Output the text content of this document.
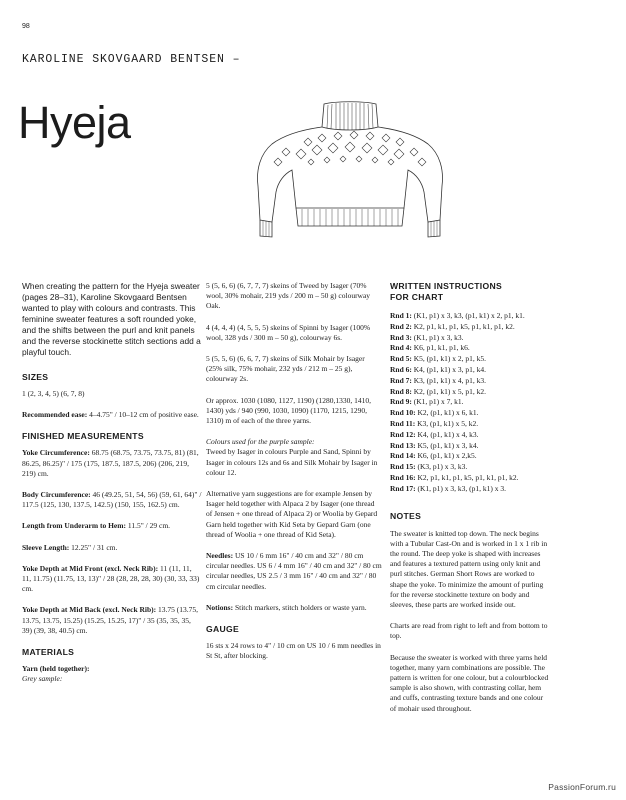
98
KAROLINE SKOVGAARD BENTSEN –
Hyeja

When creating the pattern for the Hyeja sweater (pages 28–31), Karoline Skovgaard Bentsen wanted to play with colours and contrasts. This feminine sweater features a soft rounded yoke, and the shifts between the purl and knit panels and the reverse stockinette stitch sections add a playful touch.

SIZES

1 (2, 3, 4, 5) (6, 7, 8)

Recommended ease: 4–4.75" / 10–12 cm of positive ease.

FINISHED MEASUREMENTS

Yoke Circumference: 68.75 (68.75, 73.75, 73.75, 81) (81, 86.25, 86.25)" / 175 (175, 187.5, 187.5, 206) (206, 219, 219) cm.

Body Circumference: 46 (49.25, 51, 54, 56) (59, 61, 64)" / 117.5 (125, 130, 137.5, 142.5) (150, 155, 162.5) cm.

Length from Underarm to Hem: 11.5" / 29 cm.

Sleeve Length: 12.25" / 31 cm.

Yoke Depth at Mid Front (excl. Neck Rib): 11 (11, 11, 11, 11.75) (11.75, 13, 13)" / 28 (28, 28, 28, 30) (30, 33, 33) cm.

Yoke Depth at Mid Back (excl. Neck Rib): 13.75 (13.75, 13.75, 13.75, 15.25) (15.25, 15.25, 17)" / 35 (35, 35, 35, 39) (39, 38, 40.5) cm.

MATERIALS

Yarn (held together):
Grey sample:

5 (5, 6, 6) (6, 7, 7, 7) skeins of Tweed by Isager (70% wool, 30% mohair, 219 yds / 200 m – 50 g) colourway Oak.

4 (4, 4, 4) (4, 5, 5, 5) skeins of Spinni by Isager (100% wool, 328 yds / 300 m – 50 g), colourway 6s.

5 (5, 5, 6) (6, 6, 7, 7) skeins of Silk Mohair by Isager (25% silk, 75% mohair, 232 yds / 212 m – 25 g), colourway 2s.

Or approx. 1030 (1080, 1127, 1190) (1280,1330, 1410, 1430) yds / 940 (990, 1030, 1090) (1170, 1215, 1290, 1310) m of each of the three yarns.

Colours used for the purple sample:
Tweed by Isager in colours Purple and Sand, Spinni by Isager in colours 12s and 6s and Silk Mohair by Isager in colour 12.

Alternative yarn suggestions are for example Jensen by Isager held together with Alpaca 2 by Isager (one thread of Jensen + one thread of Alpaca 2) or Woolia by Gepard Garn held together with Kid Seta by Gepard Garn (one thread of Woolia + one thread of Kid Seta).

Needles: US 10 / 6 mm 16" / 40 cm and 32" / 80 cm circular needles. US 6 / 4 mm 16" / 40 cm and 32" / 80 cm circular needles, US 2.5 / 3 mm 16" / 40 cm and 32" / 80 cm circular needles.

Notions: Stitch markers, stitch holders or waste yarn.

GAUGE

16 sts x 24 rows to 4" / 10 cm on US 10 / 6 mm needles in St St, after blocking.

WRITTEN INSTRUCTIONS
FOR CHART

Rnd 1: (K1, p1) x 3, k3, (p1, k1) x 2, p1, k1.

Rnd 2: K2, p1, k1, p1, k5, p1, k1, p1, k2.

Rnd 3: (K1, p1) x 3, k3.

Rnd 4: K6, p1, k1, p1, k6.

Rnd 5: K5, (p1, k1) x 2, p1, k5.

Rnd 6: K4, (p1, k1) x 3, p1, k4.

Rnd 7: K3, (p1, k1) x 4, p1, k3.

Rnd 8: K2, (p1, k1) x 5, p1, k2.

Rnd 9: (K1, p1) x 7, k1.

Rnd 10: K2, (p1, k1) x 6, k1.

Rnd 11: K3, (p1, k1) x 5, k2.

Rnd 12: K4, (p1, k1) x 4, k3.

Rnd 13: K5, (p1, k1) x 3, k4.

Rnd 14: K6, (p1, k1) x 2,k5.

Rnd 15: (K3, p1) x 3, k3.

Rnd 16: K2, p1, k1, p1, k5, p1, k1, p1, k2.

Rnd 17: (K1, p1) x 3, k3, (p1, k1) x 3.

NOTES

The sweater is knitted top down. The neck begins with a Tubular Cast-On and is worked in 1 x 1 rib in the round. The deep yoke is shaped with increases and features a textured pattern using only knit and purl stitches. German Short Rows are worked to shape the yoke. To minimize the amount of purling for the reverse stockinette texture on body and sleeves, these parts are worked inside out.

Charts are read from right to left and from bottom to top.

Because the sweater is worked with three yarns held together, many yarn combinations are possible. The pattern is written for one colour, but a colourblocked sample is also shown, with contrasting collar, hem and cuffs, contrasting texture bands and one colour of mohair used throughout.

PassionForum.ru
